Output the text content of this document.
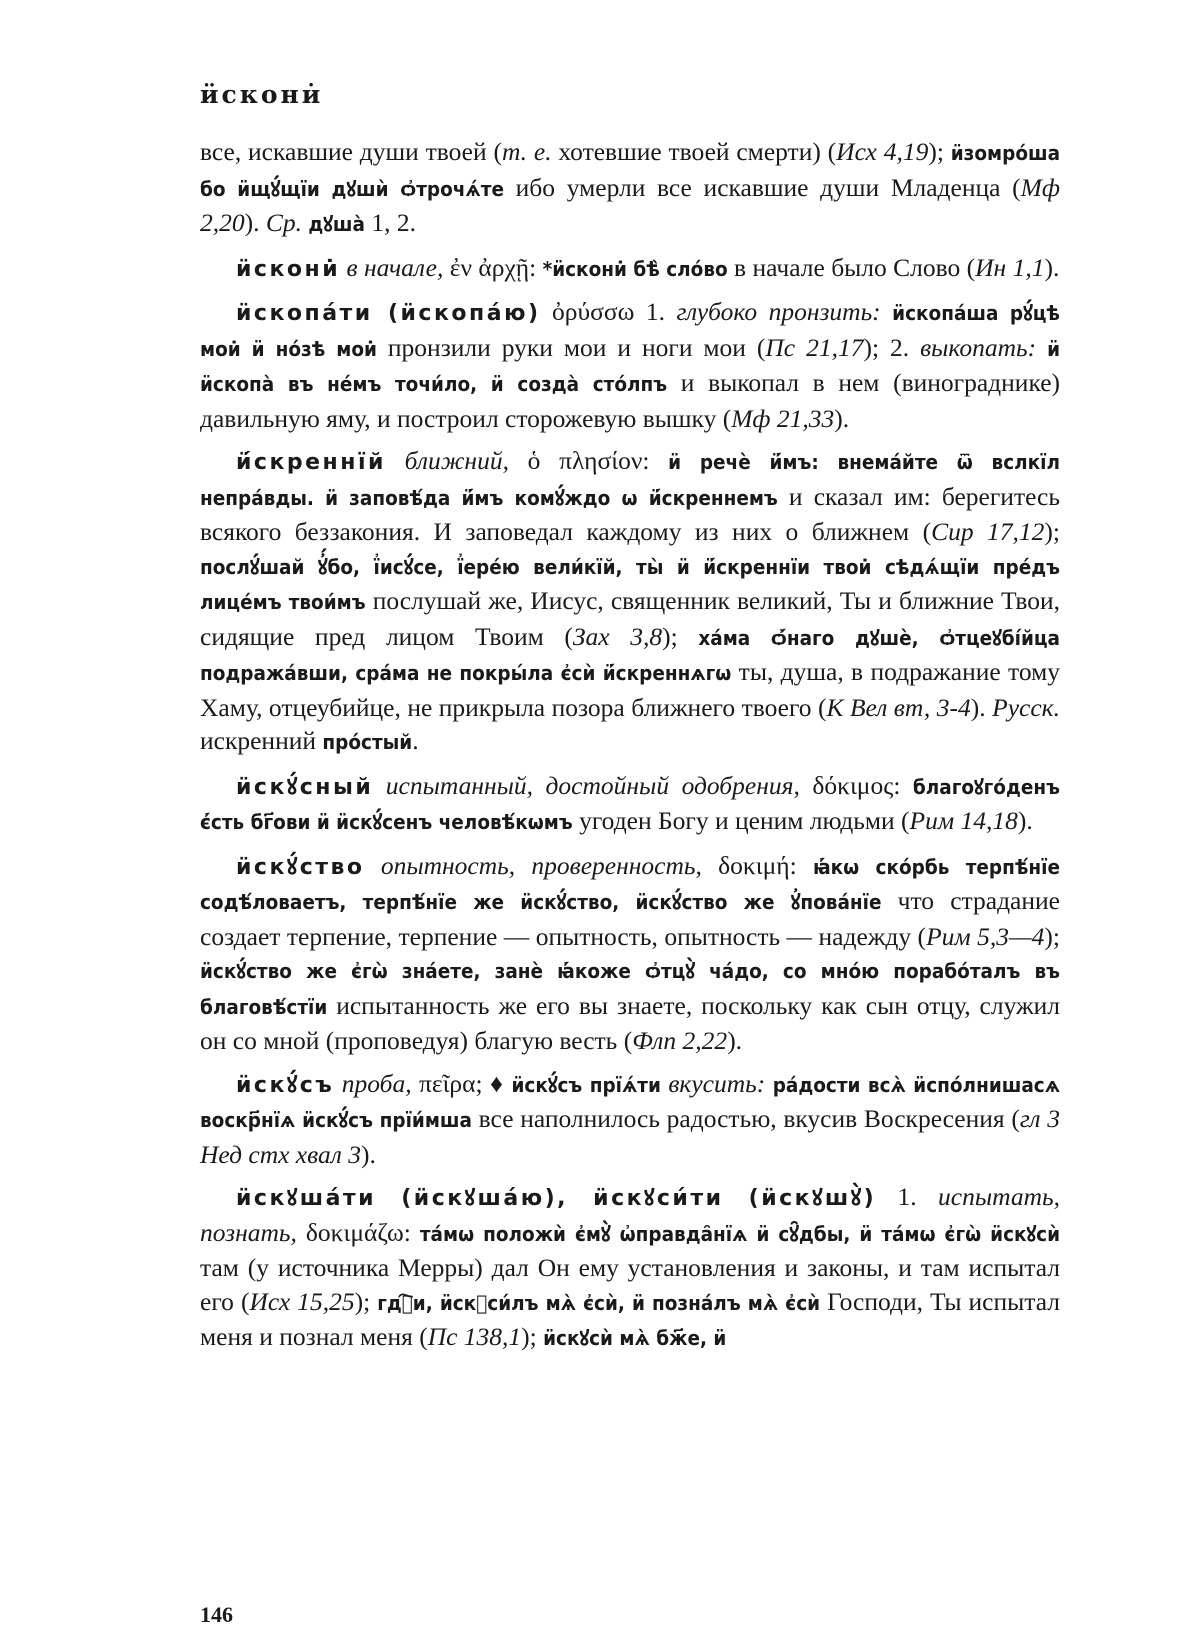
ӥскони̇

все, искавшие души твоей (т. е. хотевшие твоей смерти) (Исх 4,19); ӥзомро́ша бо ӥщꙋ́щїи дꙋшѝ ѻ҆трочѧ́те ибо умерли все искавшие души Младенца (Мф 2,20). Ср. дꙋша̀ 1, 2.

ӥскони̇ в начале, ἐν ἀρχῇ: *ӥскони̇ бѣ̀ сло́во в начале было Слово (Ин 1,1).

ӥскопа́ти (ӥскопа́ю) ὀρύσσω 1. глубоко пронзить: ӥскопа́ша рꙋ́цѣ мои̇ ӥ но́зѣ мои̇ пронзили руки мои и ноги мои (Пс 21,17); 2. выкопать: ӥ ӥскопа̀ въ не́мъ точи́ло, ӥ созда̀ сто́лпъ и выкопал в нем (винограднике) давильную яму, и построил сторожевую вышку (Мф 21,33).

ӥ́скреннїй ближний, ὁ πλησίον: ӥ речѐ ӥ́мъ: внема́йте ѿ вслкїл непра́вды. ӥ заповѣ́да ӥ́мъ комꙋ́ждо ѡ ӥ́скреннемъ и сказал им: берегитесь всякого беззакония. И заповедал каждому из них о ближнем (Сир 17,12); послꙋ́шай ꙋ҆́бо, ї҆исꙋ́се, ї҆ере́ю вели́кїй, ты̀ ӥ ӥ́скреннїи твои̇ сѣдѧ́щїи пре́дъ лице́мъ твои́мъ послушай же, Иисус, священник великий, Ты и ближние Твои, сидящие пред лицом Твоим (Зах 3,8); ха́ма ѻ҆́наго дꙋшѐ, ѻ҆тцеꙋбі́йца подража́вши, сра́ма не покры́ла є҆сѝ ӥ́скреннѧгѡ ты, душа, в подражание тому Хаму, отцеубийце, не прикрыла позора ближнего твоего (К Вел вт, 3-4). Русск. искренний про́стый.

ӥскꙋ́сный испытанный, достойный одобрения, δόκιμος: благоꙋго́денъ є҆́сть бг҃ови ӥ ӥскꙋ́сенъ человѣ́кѡмъ угоден Богу и ценим людьми (Рим 14,18).

ӥскꙋ́ство опытность, проверенность, δοκιμή: ꙗ҆́кѡ ско́рбь терпѣ́нїе содѣ́ловаетъ, терпѣ́нїе же ӥскꙋ́ство, ӥскꙋ́ство же ꙋ҆пова́нїе что страдание создает терпение, терпение — опытность, опытность — надежду (Рим 5,3—4); ӥскꙋ́ство же є҆гѡ̀ зна́ете, занѐ ꙗ҆́коже ѻ҆тцꙋ̀ ча́до, со мно́ю порабо́талъ въ благовѣ́стїи испытанность же его вы знаете, поскольку как сын отцу, служил он со мной (проповедуя) благую весть (Флп 2,22).

ӥскꙋ́съ проба, πεῖρα; ♦ ӥскꙋ́съ прїѧ́ти вкусить: ра́дости всѧ̀ ӥспо́лнишасѧ воскр҃нїѧ ӥскꙋ́съ прїи́мша все наполнилось радостью, вкусив Воскресения (гл 3 Нед стх хвал 3).

ӥскꙋша́ти (ӥскꙋша́ю), ӥскꙋси́ти (ӥскꙋшꙋ̀) 1. испытать, познать, δοκιμάζω: та́мѡ положѝ є҆мꙋ̀ ѡ҆правда̑нїѧ ӥ сꙋ̑дбы, ӥ та́мѡ є҆гѡ̀ ӥскꙋсѝ там (у источника Мерры) дал Он ему установления и законы, и там испытал его (Исх 15,25); гдⷭ҇и, ӥскꙋси́лъ мѧ̀ є҆сѝ, ӥ позна́лъ мѧ̀ є҆сѝ Господи, Ты испытал меня и познал меня (Пс 138,1); ӥскꙋсѝ мѧ̀ бж҃е, ӥ

146
